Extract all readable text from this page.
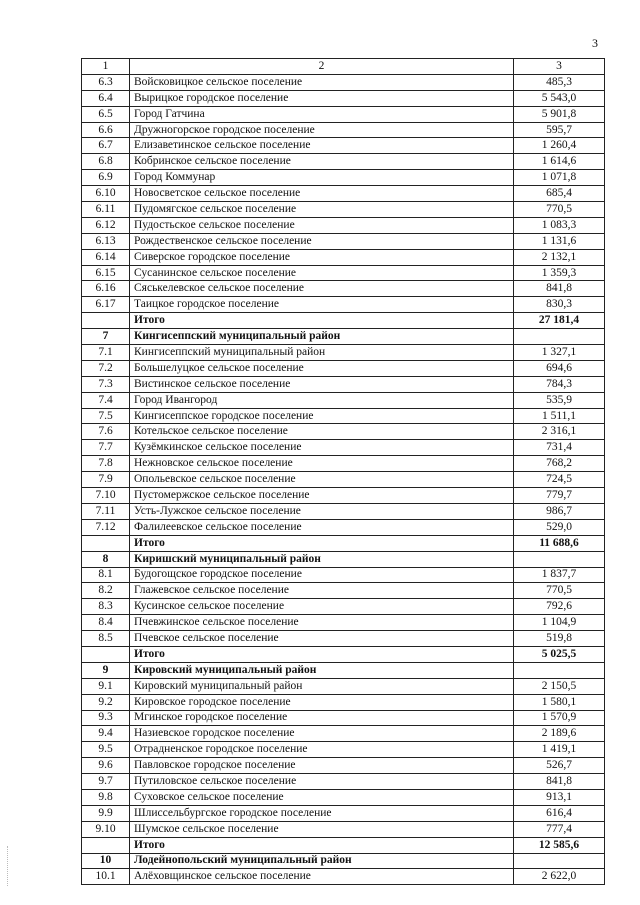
3
1	2	3
6.3	Войсковицкое сельское поселение	485,3
6.4	Вырицкое городское поселение	5 543,0
6.5	Город Гатчина	5 901,8
6.6	Дружногорское городское поселение	595,7
6.7	Елизаветинское сельское поселение	1 260,4
6.8	Кобринское сельское поселение	1 614,6
6.9	Город Коммунар	1 071,8
6.10	Новосветское сельское поселение	685,4
6.11	Пудомягское сельское поселение	770,5
6.12	Пудостьское сельское поселение	1 083,3
6.13	Рождественское сельское поселение	1 131,6
6.14	Сиверское городское поселение	2 132,1
6.15	Сусанинское сельское поселение	1 359,3
6.16	Сяськелевское сельское поселение	841,8
6.17	Таицкое городское поселение	830,3
	Итого	27 181,4
7	Кингисеппский муниципальный район	
7.1	Кингисеппский муниципальный район	1 327,1
7.2	Большелуцкое сельское поселение	694,6
7.3	Вистинское сельское поселение	784,3
7.4	Город Ивангород	535,9
7.5	Кингисеппское городское поселение	1 511,1
7.6	Котельское сельское поселение	2 316,1
7.7	Кузёмкинское сельское поселение	731,4
7.8	Нежновское сельское поселение	768,2
7.9	Опольевское сельское поселение	724,5
7.10	Пустомержское сельское поселение	779,7
7.11	Усть-Лужское сельское поселение	986,7
7.12	Фалилеевское сельское поселение	529,0
	Итого	11 688,6
8	Киришский муниципальный район	
8.1	Будогощское городское поселение	1 837,7
8.2	Глажевское сельское поселение	770,5
8.3	Кусинское сельское поселение	792,6
8.4	Пчевжинское сельское поселение	1 104,9
8.5	Пчевское сельское поселение	519,8
	Итого	5 025,5
9	Кировский муниципальный район	
9.1	Кировский муниципальный район	2 150,5
9.2	Кировское городское поселение	1 580,1
9.3	Мгинское городское поселение	1 570,9
9.4	Назиевское городское поселение	2 189,6
9.5	Отрадненское городское поселение	1 419,1
9.6	Павловское городское поселение	526,7
9.7	Путиловское сельское поселение	841,8
9.8	Суховское сельское поселение	913,1
9.9	Шлиссельбургское городское поселение	616,4
9.10	Шумское сельское поселение	777,4
	Итого	12 585,6
10	Лодейнопольский муниципальный район	
10.1	Алёховщинское сельское поселение	2 622,0
